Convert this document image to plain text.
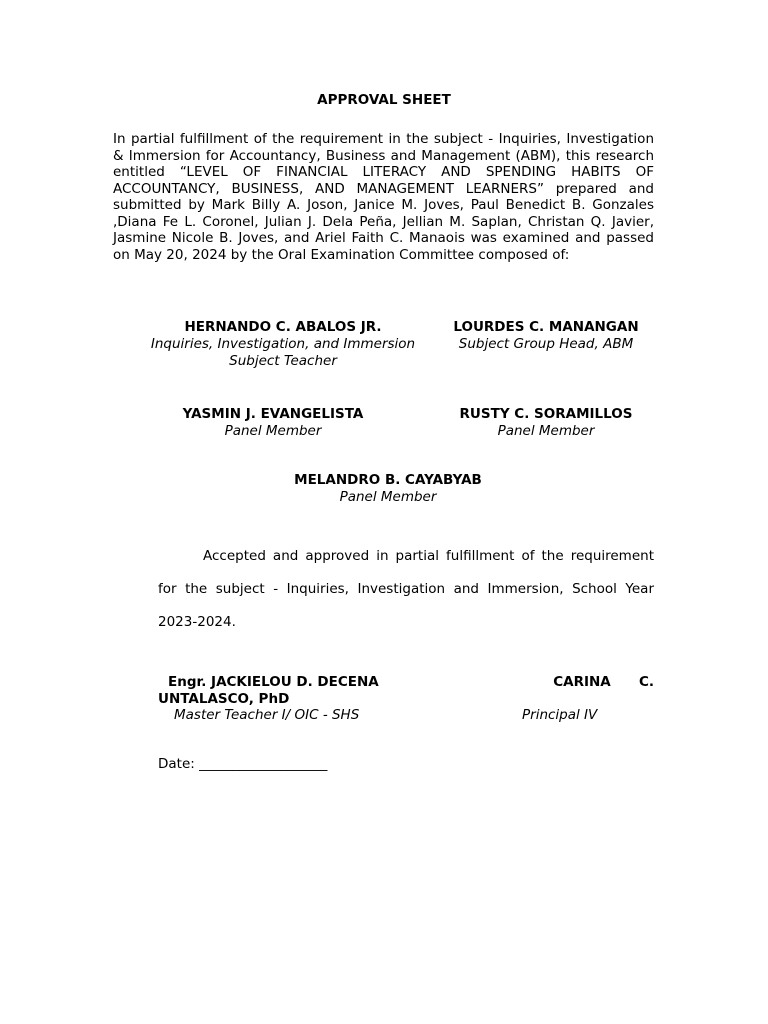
APPROVAL SHEET
In partial fulfillment of the requirement in the subject - Inquiries, Investigation & Immersion for Accountancy, Business and Management (ABM), this research entitled “LEVEL OF FINANCIAL LITERACY AND SPENDING HABITS OF ACCOUNTANCY, BUSINESS, AND MANAGEMENT LEARNERS” prepared and submitted by Mark Billy A. Joson, Janice M. Joves, Paul Benedict B. Gonzales ,Diana Fe L. Coronel, Julian J. Dela Peña, Jellian M. Saplan, Christan Q. Javier, Jasmine Nicole B. Joves, and Ariel Faith C. Manaois was examined and passed on May 20, 2024 by the Oral Examination Committee composed of:
HERNANDO C. ABALOS JR.
Inquiries, Investigation, and Immersion
Subject Teacher
LOURDES C. MANANGAN
Subject Group Head, ABM
YASMIN J. EVANGELISTA
Panel Member
RUSTY C. SORAMILLOS
Panel Member
MELANDRO B. CAYABYAB
Panel Member
Accepted and approved in partial fulfillment of the requirement for the subject - Inquiries, Investigation and Immersion, School Year 2023-2024.
Engr. JACKIELOU D. DECENA	CARINA      C.

UNTALASCO, PhD
Master Teacher I/ OIC - SHS	Principal IV
Date: ___________________
